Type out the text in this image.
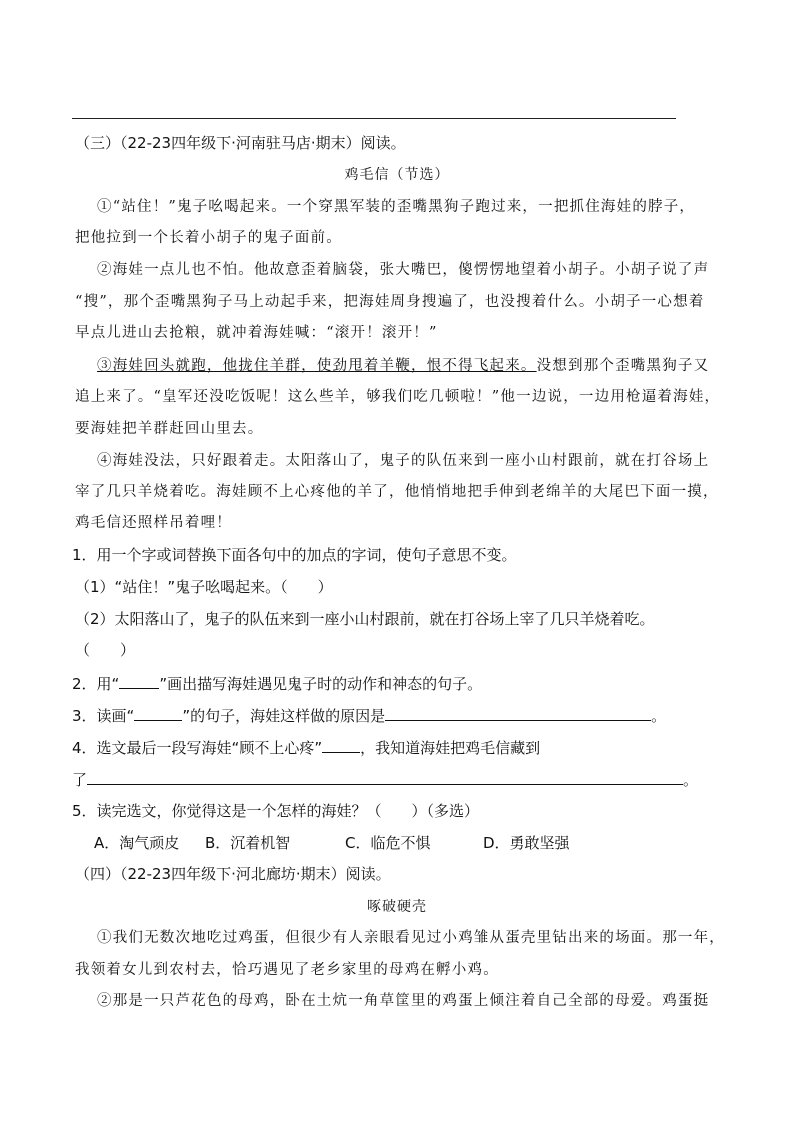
（三）（22-23四年级下·河南驻马店·期末）阅读。
鸡毛信（节选）
①“站住！”鬼子吆喝起来。一个穿黑军装的歪嘴黑狗子跑过来，一把抓住海娃的脖子，
把他拉到一个长着小胡子的鬼子面前。
②海娃一点儿也不怕。他故意歪着脑袋，张大嘴巴，傻愣愣地望着小胡子。小胡子说了声
“搜”，那个歪嘴黑狗子马上动起手来，把海娃周身搜遍了，也没搜着什么。小胡子一心想着
早点儿进山去抢粮，就冲着海娃喊：“滚开！滚开！”
③海娃回头就跑，他拢住羊群，使劲甩着羊鞭，恨不得飞起来。没想到那个歪嘴黑狗子又
追上来了。“皇军还没吃饭呢！这么些羊，够我们吃几顿啦！”他一边说，一边用枪逼着海娃，
要海娃把羊群赶回山里去。
④海娃没法，只好跟着走。太阳落山了，鬼子的队伍来到一座小山村跟前，就在打谷场上
宰了几只羊烧着吃。海娃顾不上心疼他的羊了，他悄悄地把手伸到老绵羊的大尾巴下面一摸，
鸡毛信还照样吊着哩！
1．用一个字或词替换下面各句中的加点的字词，使句子意思不变。
（1）“站住！”鬼子吆喝起来。（　　）
（2）太阳落山了，鬼子的队伍来到一座小山村跟前，就在打谷场上宰了几只羊烧着吃。
（　　）
2．用“	”画出描写海娃遇见鬼子时的动作和神态的句子。
3．读画“	”的句子，海娃这样做的原因是	。
4．选文最后一段写海娃“顾不上心疼”	，我知道海娃把鸡毛信藏到
了	。
5．读完选文，你觉得这是一个怎样的海娃？（　　）（多选）
A．淘气顽皮 B．沉着机智	C．临危不惧	D．勇敢坚强
（四）（22-23四年级下·河北廊坊·期末）阅读。
啄破硬壳
①我们无数次地吃过鸡蛋，但很少有人亲眼看见过小鸡雏从蛋壳里钻出来的场面。那一年，
我领着女儿到农村去，恰巧遇见了老乡家里的母鸡在孵小鸡。
②那是一只芦花色的母鸡，卧在土炕一角草筐里的鸡蛋上倾注着自己全部的母爱。鸡蛋挺
